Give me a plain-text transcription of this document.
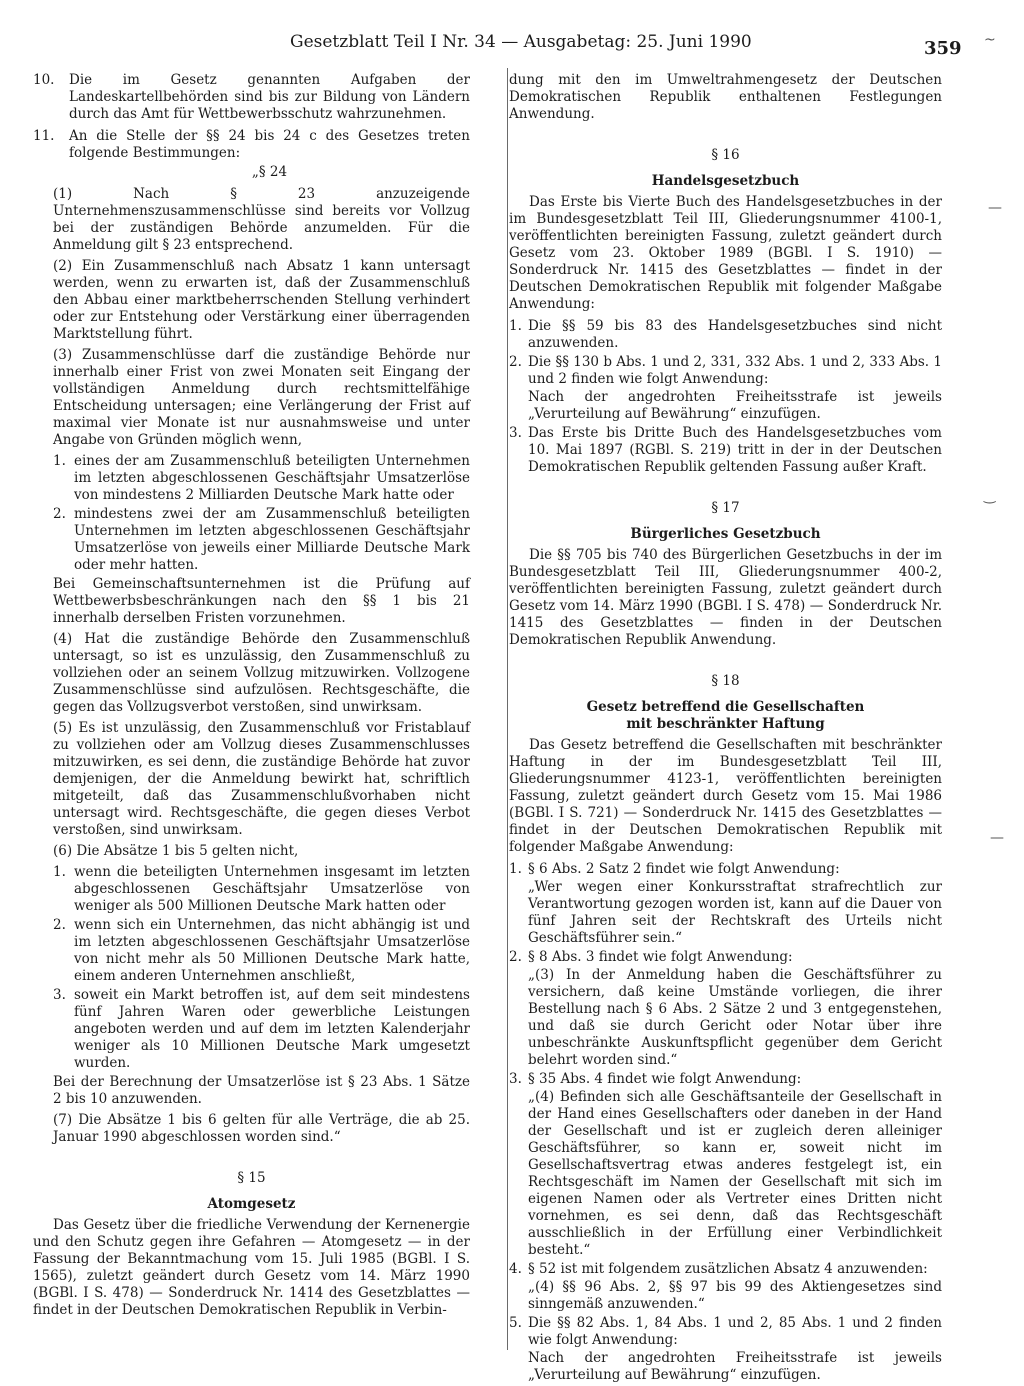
Gesetzblatt Teil I Nr. 34 — Ausgabetag: 25. Juni 1990	359 ~
—
‿
—
10. Die im Gesetz genannten Aufgaben der Landeskartellbehörden sind bis zur Bildung von Ländern durch das Amt für Wettbewerbsschutz wahrzunehmen.
11. An die Stelle der §§ 24 bis 24 c des Gesetzes treten folgende Bestimmungen:
„§ 24

(1) Nach § 23 anzuzeigende Unternehmenszusammenschlüsse sind bereits vor Vollzug bei der zuständigen Behörde anzumelden. Für die Anmeldung gilt § 23 entsprechend.

(2) Ein Zusammenschluß nach Absatz 1 kann untersagt werden, wenn zu erwarten ist, daß der Zusammenschluß den Abbau einer marktbeherrschenden Stellung verhindert oder zur Entstehung oder Verstärkung einer überragenden Marktstellung führt.

(3) Zusammenschlüsse darf die zuständige Behörde nur innerhalb einer Frist von zwei Monaten seit Eingang der vollständigen Anmeldung durch rechtsmittelfähige Entscheidung untersagen; eine Verlängerung der Frist auf maximal vier Monate ist nur ausnahmsweise und unter Angabe von Gründen möglich wenn,

1. eines der am Zusammenschluß beteiligten Unternehmen im letzten abgeschlossenen Geschäftsjahr Umsatzerlöse von mindestens 2 Milliarden Deutsche Mark hatte oder
2. mindestens zwei der am Zusammenschluß beteiligten Unternehmen im letzten abgeschlossenen Geschäftsjahr Umsatzerlöse von jeweils einer Milliarde Deutsche Mark oder mehr hatten.

Bei Gemeinschaftsunternehmen ist die Prüfung auf Wettbewerbsbeschränkungen nach den §§ 1 bis 21 innerhalb derselben Fristen vorzunehmen.

(4) Hat die zuständige Behörde den Zusammenschluß untersagt, so ist es unzulässig, den Zusammenschluß zu vollziehen oder an seinem Vollzug mitzuwirken. Vollzogene Zusammenschlüsse sind aufzulösen. Rechtsgeschäfte, die gegen das Vollzugsverbot verstoßen, sind unwirksam.

(5) Es ist unzulässig, den Zusammenschluß vor Fristablauf zu vollziehen oder am Vollzug dieses Zusammenschlusses mitzuwirken, es sei denn, die zuständige Behörde hat zuvor demjenigen, der die Anmeldung bewirkt hat, schriftlich mitgeteilt, daß das Zusammenschlußvorhaben nicht untersagt wird. Rechtsgeschäfte, die gegen dieses Verbot verstoßen, sind unwirksam.

(6) Die Absätze 1 bis 5 gelten nicht,

1. wenn die beteiligten Unternehmen insgesamt im letzten abgeschlossenen Geschäftsjahr Umsatzerlöse von weniger als 500 Millionen Deutsche Mark hatten oder
2. wenn sich ein Unternehmen, das nicht abhängig ist und im letzten abgeschlossenen Geschäftsjahr Umsatzerlöse von nicht mehr als 50 Millionen Deutsche Mark hatte, einem anderen Unternehmen anschließt,
3. soweit ein Markt betroffen ist, auf dem seit mindestens fünf Jahren Waren oder gewerbliche Leistungen angeboten werden und auf dem im letzten Kalenderjahr weniger als 10 Millionen Deutsche Mark umgesetzt wurden.

Bei der Berechnung der Umsatzerlöse ist § 23 Abs. 1 Sätze 2 bis 10 anzuwenden.

(7) Die Absätze 1 bis 6 gelten für alle Verträge, die ab 25. Januar 1990 abgeschlossen worden sind.“

§ 15
Atomgesetz

Das Gesetz über die friedliche Verwendung der Kernenergie und den Schutz gegen ihre Gefahren — Atomgesetz — in der Fassung der Bekanntmachung vom 15. Juli 1985 (BGBl. I S. 1565), zuletzt geändert durch Gesetz vom 14. März 1990 (BGBl. I S. 478) — Sonderdruck Nr. 1414 des Gesetzblattes — findet in der Deutschen Demokratischen Republik in Verbin-

dung mit den im Umweltrahmengesetz der Deutschen Demokratischen Republik enthaltenen Festlegungen Anwendung.

§ 16
Handelsgesetzbuch

Das Erste bis Vierte Buch des Handelsgesetzbuches in der im Bundesgesetzblatt Teil III, Gliederungsnummer 4100-1, veröffentlichten bereinigten Fassung, zuletzt geändert durch Gesetz vom 23. Oktober 1989 (BGBl. I S. 1910) — Sonderdruck Nr. 1415 des Gesetzblattes — findet in der Deutschen Demokratischen Republik mit folgender Maßgabe Anwendung:

1. Die §§ 59 bis 83 des Handelsgesetzbuches sind nicht anzuwenden.
2. Die §§ 130 b Abs. 1 und 2, 331, 332 Abs. 1 und 2, 333 Abs. 1 und 2 finden wie folgt Anwendung:

Nach der angedrohten Freiheitsstrafe ist jeweils „Verurteilung auf Bewährung“ einzufügen.

3. Das Erste bis Dritte Buch des Handelsgesetzbuches vom 10. Mai 1897 (RGBl. S. 219) tritt in der in der Deutschen Demokratischen Republik geltenden Fassung außer Kraft.
§ 17
Bürgerliches Gesetzbuch

Die §§ 705 bis 740 des Bürgerlichen Gesetzbuchs in der im Bundesgesetzblatt Teil III, Gliederungsnummer 400-2, veröffentlichten bereinigten Fassung, zuletzt geändert durch Gesetz vom 14. März 1990 (BGBl. I S. 478) — Sonderdruck Nr. 1415 des Gesetzblattes — finden in der Deutschen Demokratischen Republik Anwendung.

§ 18
Gesetz betreffend die Gesellschaften
mit beschränkter Haftung

Das Gesetz betreffend die Gesellschaften mit beschränkter Haftung in der im Bundesgesetzblatt Teil III, Gliederungsnummer 4123-1, veröffentlichten bereinigten Fassung, zuletzt geändert durch Gesetz vom 15. Mai 1986 (BGBl. I S. 721) — Sonderdruck Nr. 1415 des Gesetzblattes — findet in der Deutschen Demokratischen Republik mit folgender Maßgabe Anwendung:

1. § 6 Abs. 2 Satz 2 findet wie folgt Anwendung:

„Wer wegen einer Konkursstraftat strafrechtlich zur Verantwortung gezogen worden ist, kann auf die Dauer von fünf Jahren seit der Rechtskraft des Urteils nicht Geschäftsführer sein.“

2. § 8 Abs. 3 findet wie folgt Anwendung:

„(3) In der Anmeldung haben die Geschäftsführer zu versichern, daß keine Umstände vorliegen, die ihrer Bestellung nach § 6 Abs. 2 Sätze 2 und 3 entgegenstehen, und daß sie durch Gericht oder Notar über ihre unbeschränkte Auskunftspflicht gegenüber dem Gericht belehrt worden sind.“

3. § 35 Abs. 4 findet wie folgt Anwendung:

„(4) Befinden sich alle Geschäftsanteile der Gesellschaft in der Hand eines Gesellschafters oder daneben in der Hand der Gesellschaft und ist er zugleich deren alleiniger Geschäftsführer, so kann er, soweit nicht im Gesellschaftsvertrag etwas anderes festgelegt ist, ein Rechtsgeschäft im Namen der Gesellschaft mit sich im eigenen Namen oder als Vertreter eines Dritten nicht vornehmen, es sei denn, daß das Rechtsgeschäft ausschließlich in der Erfüllung einer Verbindlichkeit besteht.“

4. § 52 ist mit folgendem zusätzlichen Absatz 4 anzuwenden:

„(4) §§ 96 Abs. 2, §§ 97 bis 99 des Aktiengesetzes sind sinngemäß anzuwenden.“

5. Die §§ 82 Abs. 1, 84 Abs. 1 und 2, 85 Abs. 1 und 2 finden wie folgt Anwendung:

Nach der angedrohten Freiheitsstrafe ist jeweils „Verurteilung auf Bewährung“ einzufügen.
